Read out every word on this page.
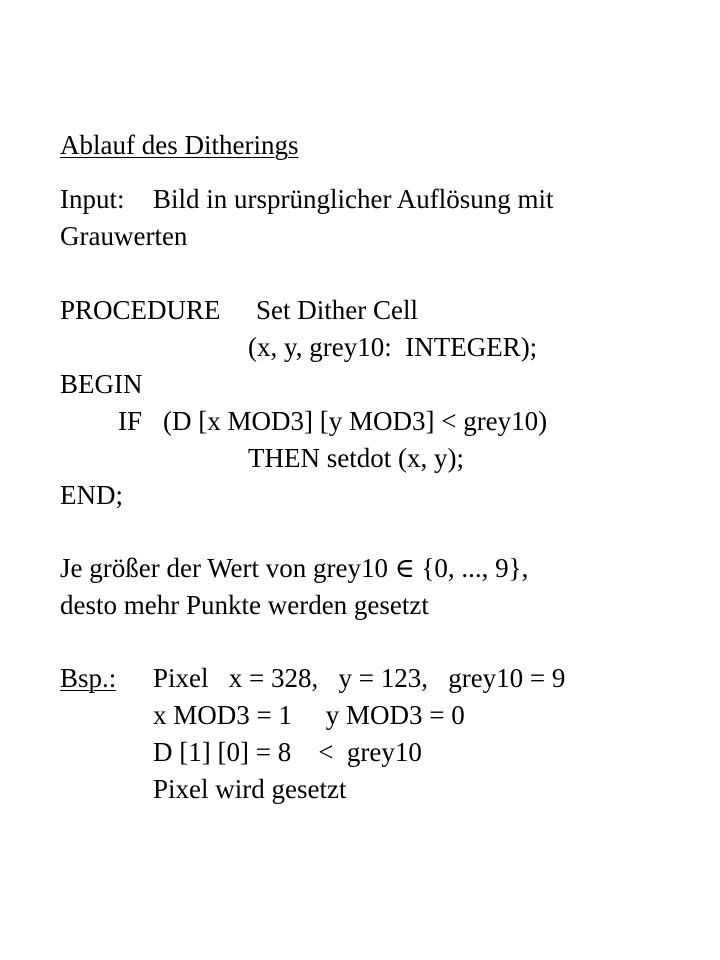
Ablauf des Ditherings
Input: Bild in ursprünglicher Auflösung mit
Grauwerten
PROCEDURE Set Dither Cell
(x, y, grey10:  INTEGER);
BEGIN
IF (D [x MOD3] [y MOD3] < grey10)
THEN setdot (x, y);
END;
Je größer der Wert von grey10 ∈ {0, ..., 9},
desto mehr Punkte werden gesetzt
Bsp.: Pixel   x = 328,   y = 123,   grey10 = 9
x MOD3 = 1     y MOD3 = 0
D [1] [0] = 8    <  grey10
Pixel wird gesetzt
